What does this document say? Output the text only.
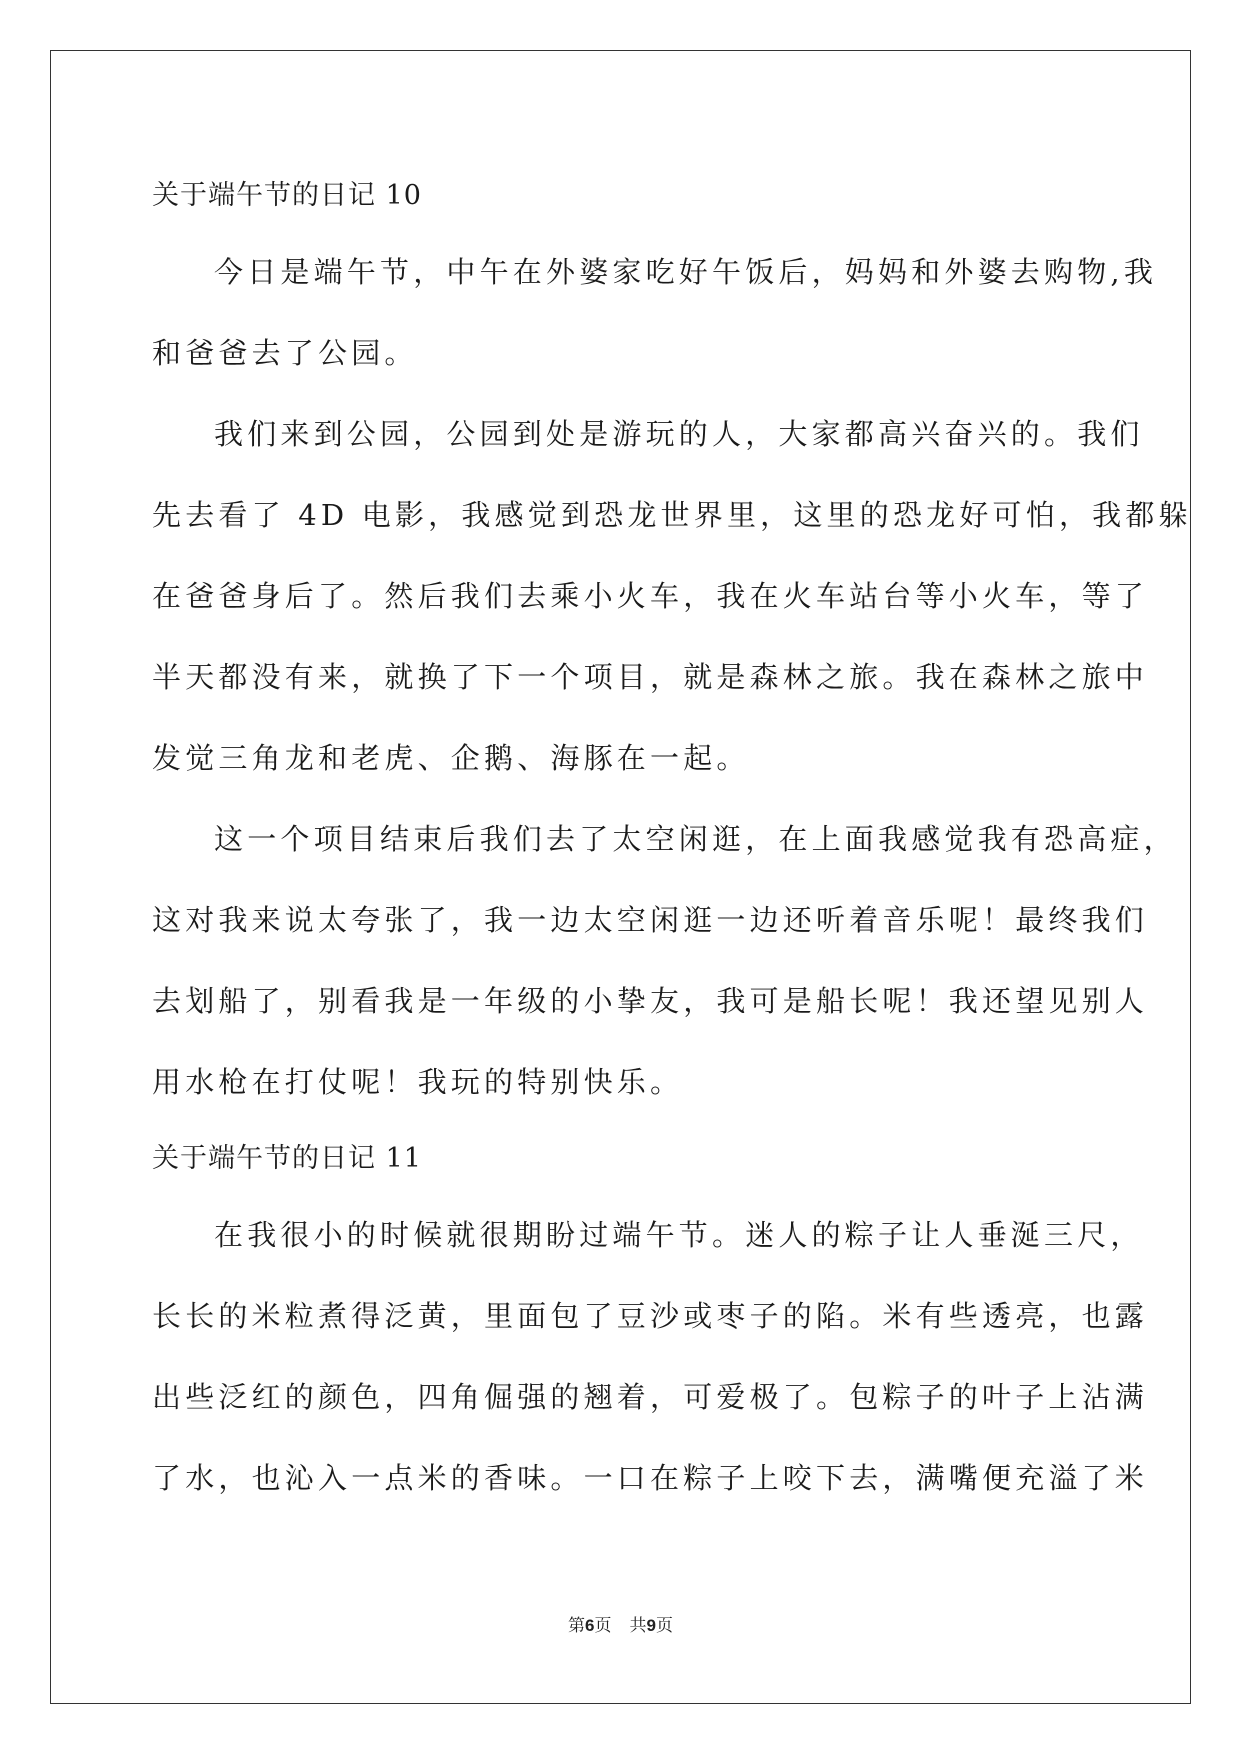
关于端午节的日记 10
今日是端午节，中午在外婆家吃好午饭后，妈妈和外婆去购物,我
和爸爸去了公园。
我们来到公园，公园到处是游玩的人，大家都高兴奋兴的。我们
先去看了 4D 电影，我感觉到恐龙世界里，这里的恐龙好可怕，我都躲
在爸爸身后了。然后我们去乘小火车，我在火车站台等小火车，等了
半天都没有来，就换了下一个项目，就是森林之旅。我在森林之旅中
发觉三角龙和老虎、企鹅、海豚在一起。
这一个项目结束后我们去了太空闲逛，在上面我感觉我有恐高症，
这对我来说太夸张了，我一边太空闲逛一边还听着音乐呢！最终我们
去划船了，别看我是一年级的小挚友，我可是船长呢！我还望见别人
用水枪在打仗呢！我玩的特别快乐。
关于端午节的日记 11
在我很小的时候就很期盼过端午节。迷人的粽子让人垂涎三尺，
长长的米粒煮得泛黄，里面包了豆沙或枣子的陷。米有些透亮，也露
出些泛红的颜色，四角倔强的翘着，可爱极了。包粽子的叶子上沾满
了水，也沁入一点米的香味。一口在粽子上咬下去，满嘴便充溢了米
第6页 共9页
